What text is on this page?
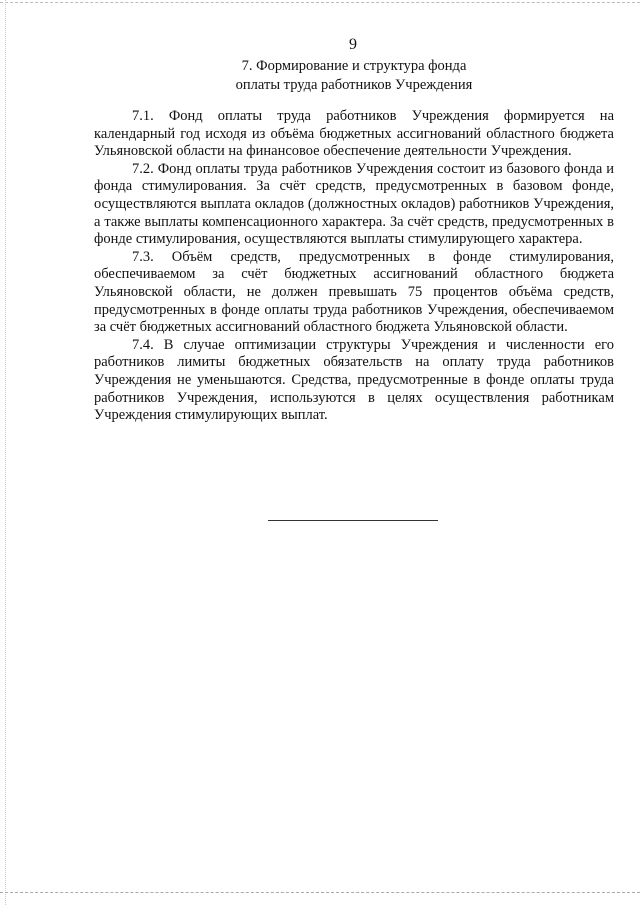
9
7. Формирование и структура фонда
оплаты труда работников Учреждения

7.1. Фонд оплаты труда работников Учреждения формируется на календарный год исходя из объёма бюджетных ассигнований областного бюджета Ульяновской области на финансовое обеспечение деятельности Учреждения.

7.2. Фонд оплаты труда работников Учреждения состоит из базового фонда и фонда стимулирования. За счёт средств, предусмотренных в базовом фонде, осуществляются выплата окладов (должностных окладов) работников Учреждения, а также выплаты компенсационного характера. За счёт средств, предусмотренных в фонде стимулирования, осуществляются выплаты стимулирующего характера.

7.3. Объём средств, предусмотренных в фонде стимулирования, обеспечиваемом за счёт бюджетных ассигнований областного бюджета Ульяновской области, не должен превышать 75 процентов объёма средств, предусмотренных в фонде оплаты труда работников Учреждения, обеспечиваемом за счёт бюджетных ассигнований областного бюджета Ульяновской области.

7.4. В случае оптимизации структуры Учреждения и численности его работников лимиты бюджетных обязательств на оплату труда работников Учреждения не уменьшаются. Средства, предусмотренные в фонде оплаты труда работников Учреждения, используются в целях осуществления работникам Учреждения стимулирующих выплат.
